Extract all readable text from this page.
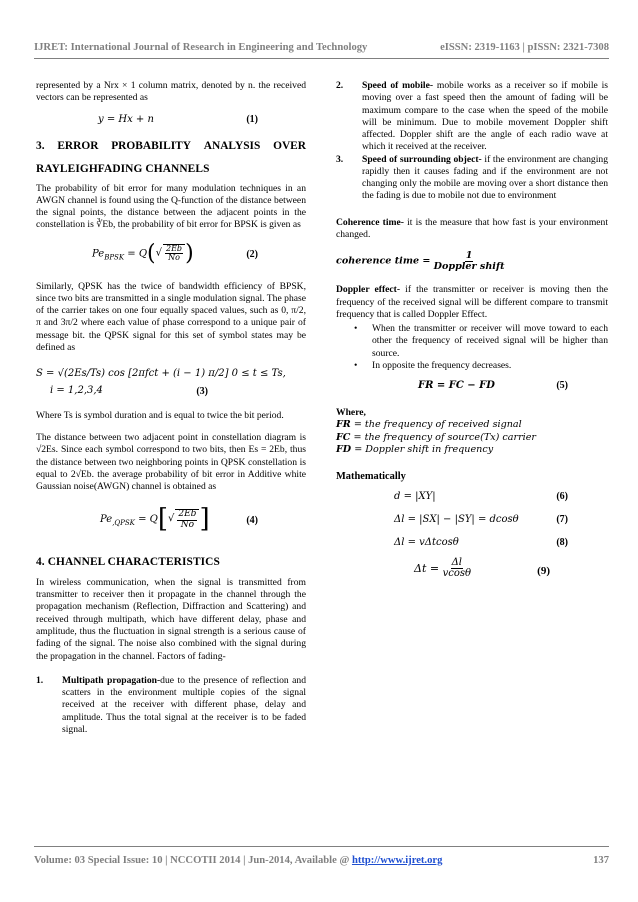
IJRET: International Journal of Research in Engineering and Technology	eISSN: 2319-1163 | pISSN: 2321-7308

represented by a Nrx × 1 column matrix, denoted by n. the received vectors can be represented as

y = Hx + n	(1)
3. ERROR PROBABILITY ANALYSIS OVER
RAYLEIGHFADING CHANNELS

The probability of bit error for many modulation techniques in an AWGN channel is found using the Q-function of the distance between the signal points, the distance between the adjacent points in the constellation is ∛Eb, the probability of bit error for BPSK is given as

$Pe_{BPSK} = Q(√ \frac{2Eb}{No}$ )	(2)

Similarly, QPSK has the twice of bandwidth efficiency of BPSK, since two bits are transmitted in a single modulation signal. The phase of the carrier takes on one four equally spaced values, such as 0, π/2, π and 3π/2 where each value of phase correspond to a unique pair of message bit. the QPSK signal for this set of symbol states may be defined as

S = √(2Es/Ts) cos [2πfct + (i − 1) π/2] 0 ≤ t ≤ Ts,
i = 1,2,3,4	(3)

Where Ts is symbol duration and is equal to twice the bit period.

The distance between two adjacent point in constellation diagram is √2Es. Since each symbol correspond to two bits, then Es = 2Eb, thus the distance between two neighboring points in QPSK constellation is equal to 2√Eb. the average probability of bit error in Additive white Gaussian noise(AWGN) channel is obtained as

$Pe_{,QPSK} = Q[√ \frac{2Eb}{No}$ ]	(4)
4. CHANNEL CHARACTERISTICS

In wireless communication, when the signal is transmitted from transmitter to receiver then it propagate in the channel through the propagation mechanism (Reflection, Diffraction and Scattering) and received through multipath, which have different delay, phase and amplitude, thus the fluctuation in signal strength is a serious cause of fading of the signal. The noise also combined with the signal during the propagation in the channel. Factors of fading-

1.	Multipath propagation-due to the presence of reflection and scatters in the environment multiple copies of the signal received at the receiver with different phase, delay and amplitude. Thus the total signal at the receiver is to be faded signal.
2.	Speed of mobile- mobile works as a receiver so if mobile is moving over a fast speed then the amount of fading will be maximum compare to the case when the speed of the mobile will be minimum. Due to mobile movement Doppler shift affected. Doppler shift are the angle of each radio wave at which it received at the receiver.
3.	Speed of surrounding object- if the environment are changing rapidly then it causes fading and if the environment are not changing only the mobile are moving over a short distance then the fading is due to mobile not due to environment

Coherence time- it is the measure that how fast is your environment changed.

coherence time = $\frac{1}{\text{Doppler shift}}$

Doppler effect- if the transmitter or receiver is moving then the frequency of the received signal will be different compare to transmit frequency that is called Doppler Effect.

•	When the transmitter or receiver will move toward to each other the frequency of received signal will be higher than source.
•	In opposite the frequency decreases.
FR = FC − FD	(5)

Where,

FR = the frequency of received signal
FC = the frequency of source(Tx) carrier
FD = Doppler shift in frequency

Mathematically

d = |XY|	(6)
Δl = |SX| − |SY| = dcos𝜃	(7)
Δl = vΔtcosθ	(8)
$\Delta t = \frac{\Delta l}{vcos\theta}$	(9)
Volume: 03 Special Issue: 10 | NCCOTII 2014 | Jun-2014, Available @ http://www.ijret.org	137
